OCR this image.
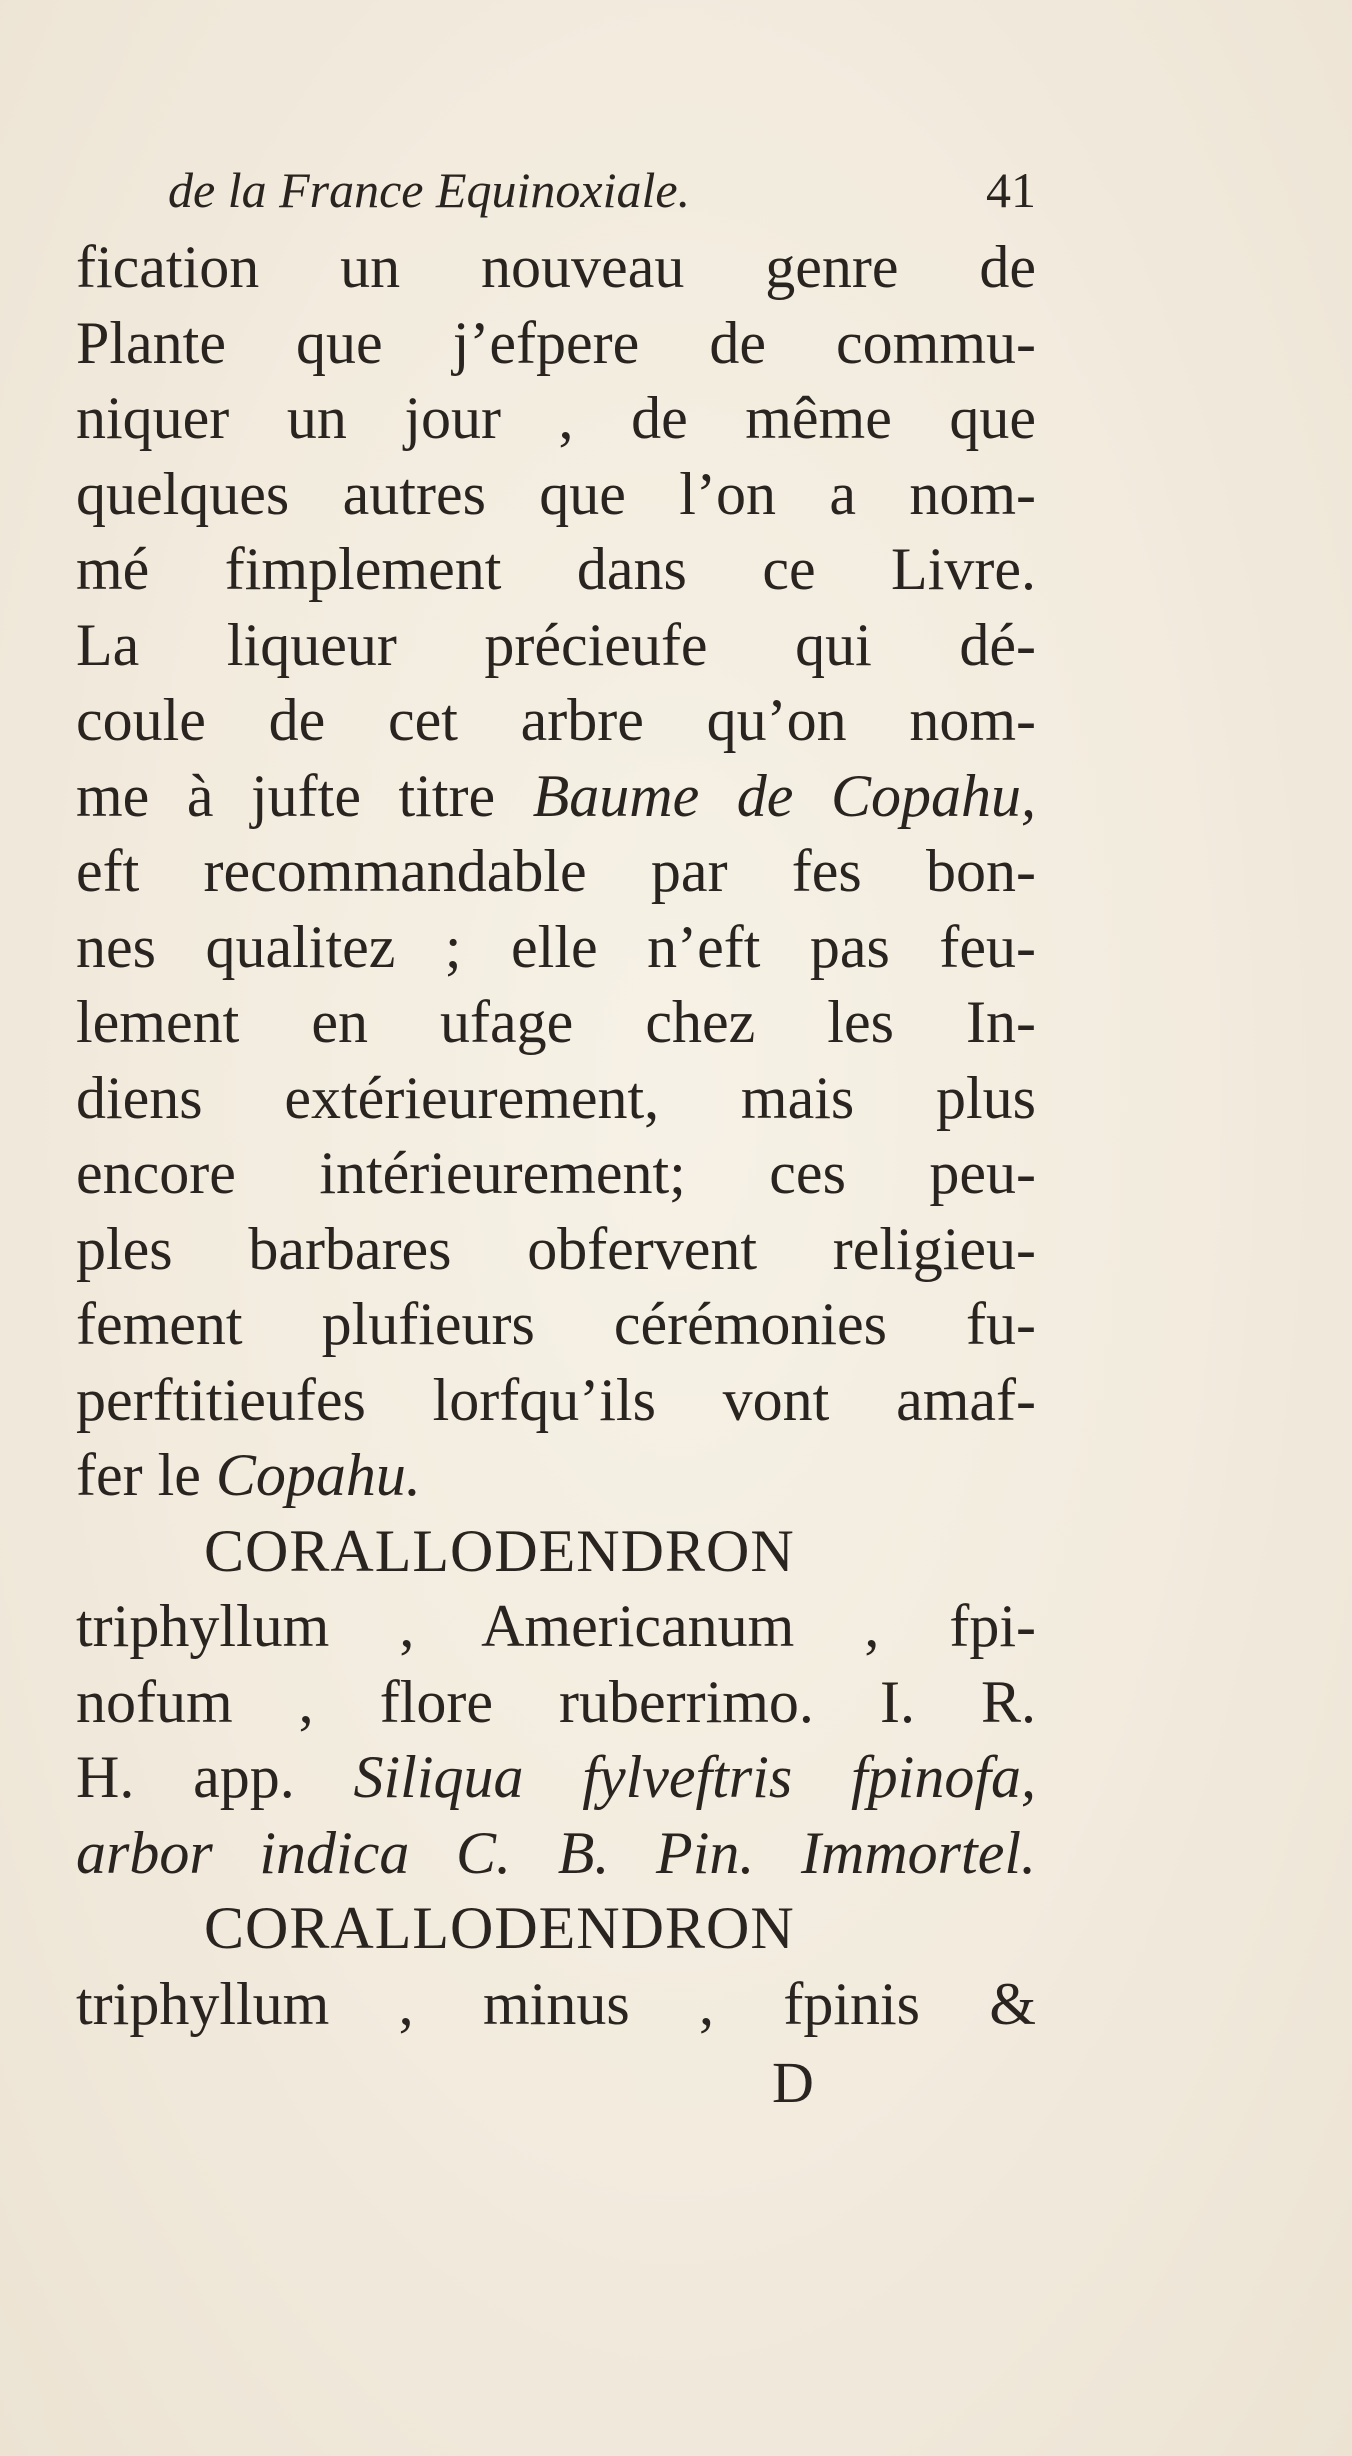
de la France Equinoxiale.	41
fication un nouveau genre de
Plante que j’efpere de commu-
niquer un jour , de même que
quelques autres que l’on a nom-
mé fimplement dans ce Livre.
La liqueur précieufe qui dé-
coule de cet arbre qu’on nom-
me à jufte titre Baume de Copahu,
eft recommandable par fes bon-
nes qualitez ; elle n’eft pas feu-
lement en ufage chez les In-
diens extérieurement, mais plus
encore intérieurement; ces peu-
ples barbares obfervent religieu-
fement plufieurs cérémonies fu-
perftitieufes lorfqu’ils vont amaf-
fer le Copahu.
CORALLODENDRON
triphyllum , Americanum , fpi-
nofum , flore ruberrimo. I. R.
H. app. Siliqua fylveftris fpinofa,
arbor indica C. B. Pin. Immortel.
CORALLODENDRON
triphyllum , minus , fpinis &
D
